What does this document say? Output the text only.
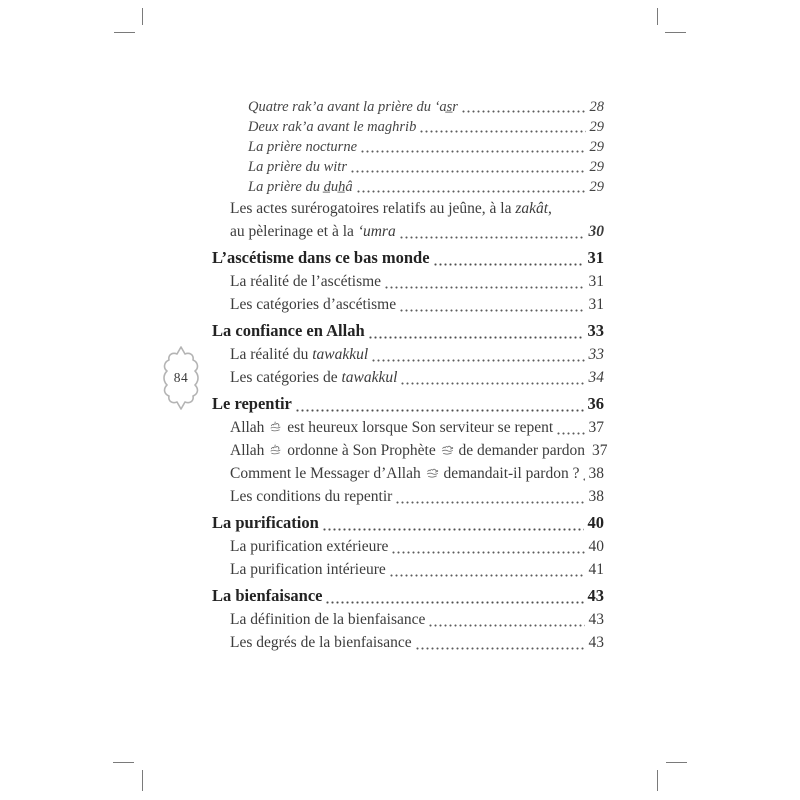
84
Quatre rak’a avant la prière du ‘as̲r	28
Deux rak’a avant le maghrib	29
La prière nocturne	29
La prière du witr	29
La prière du d̲uh̲â	29
Les actes surérogatoires relatifs au jeûne, à la zakât,
au pèlerinage et à la ‘umra	30
L’ascétisme dans ce bas monde	31
La réalité de l’ascétisme	31
Les catégories d’ascétisme	31
La confiance en Allah	33
La réalité du tawakkul	33
Les catégories de tawakkul	34
Le repentir	36
Allah  est heureux lorsque Son serviteur se repent 37
Allah  ordonne à Son Prophète  de demander pardon 37
Comment le Messager d’Allah  demandait-il pardon ? 38
Les conditions du repentir	38
La purification	40
La purification extérieure	40
La purification intérieure	41
La bienfaisance	43
La définition de la bienfaisance	43
Les degrés de la bienfaisance	43
